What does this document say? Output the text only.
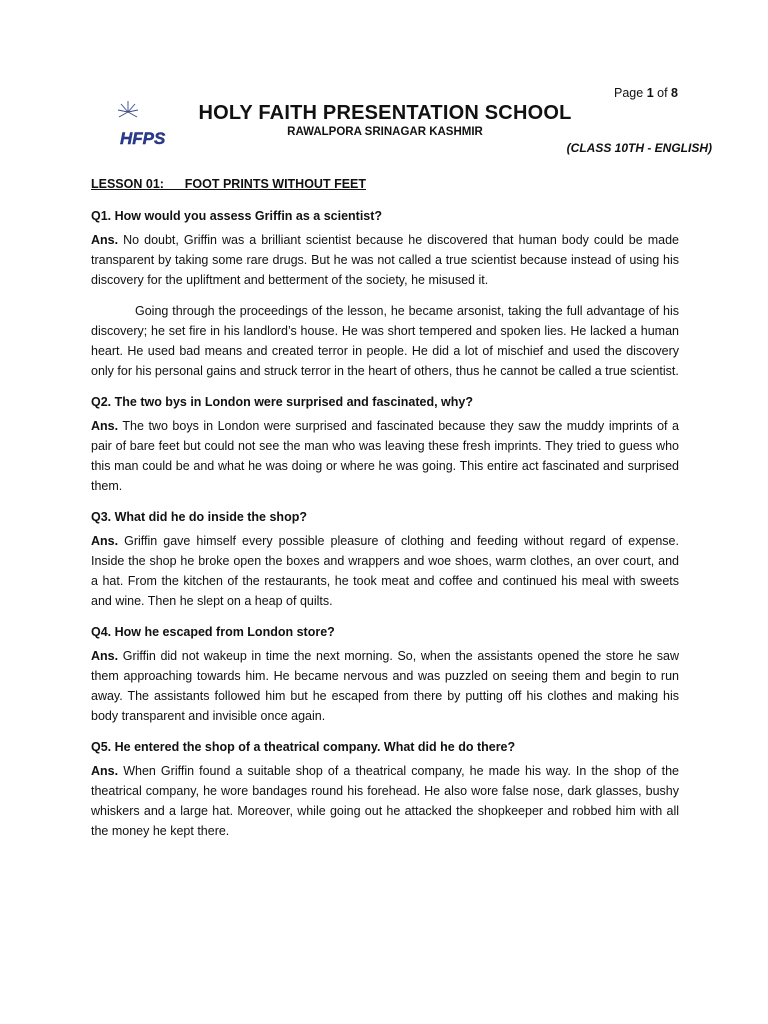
Page 1 of 8
HFPS
HOLY FAITH PRESENTATION SCHOOL
RAWALPORA SRINAGAR KASHMIR
(CLASS 10TH - ENGLISH)
LESSON 01:      FOOT PRINTS WITHOUT FEET
Q1. How would you assess Griffin as a scientist?

Ans. No doubt, Griffin was a brilliant scientist because he discovered that human body could be made transparent by taking some rare drugs. But he was not called a true scientist because instead of using his discovery for the upliftment and betterment of the society, he misused it.

Going through the proceedings of the lesson, he became arsonist, taking the full advantage of his discovery; he set fire in his landlord’s house. He was short tempered and spoken lies. He lacked a human heart. He used bad means and created terror in people. He did a lot of mischief and used the discovery only for his personal gains and struck terror in the heart of others, thus he cannot be called a true scientist.

Q2. The two bys in London were surprised and fascinated, why?

Ans. The two boys in London were surprised and fascinated because they saw the muddy imprints of a pair of bare feet but could not see the man who was leaving these fresh imprints. They tried to guess who this man could be and what he was doing or where he was going. This entire act fascinated and surprised them.

Q3. What did he do inside the shop?

Ans. Griffin gave himself every possible pleasure of clothing and feeding without regard of expense. Inside the shop he broke open the boxes and wrappers and woe shoes, warm clothes, an over court, and a hat. From the kitchen of the restaurants, he took meat and coffee and continued his meal with sweets and wine. Then he slept on a heap of quilts.

Q4. How he escaped from London store?

Ans. Griffin did not wakeup in time the next morning. So, when the assistants opened the store he saw them approaching towards him. He became nervous and was puzzled on seeing them and begin to run away. The assistants followed him but he escaped from there by putting off his clothes and making his body transparent and invisible once again.

Q5. He entered the shop of a theatrical company. What did he do there?

Ans. When Griffin found a suitable shop of a theatrical company, he made his way. In the shop of the theatrical company, he wore bandages round his forehead. He also wore false nose, dark glasses, bushy whiskers and a large hat. Moreover, while going out he attacked the shopkeeper and robbed him with all the money he kept there.
